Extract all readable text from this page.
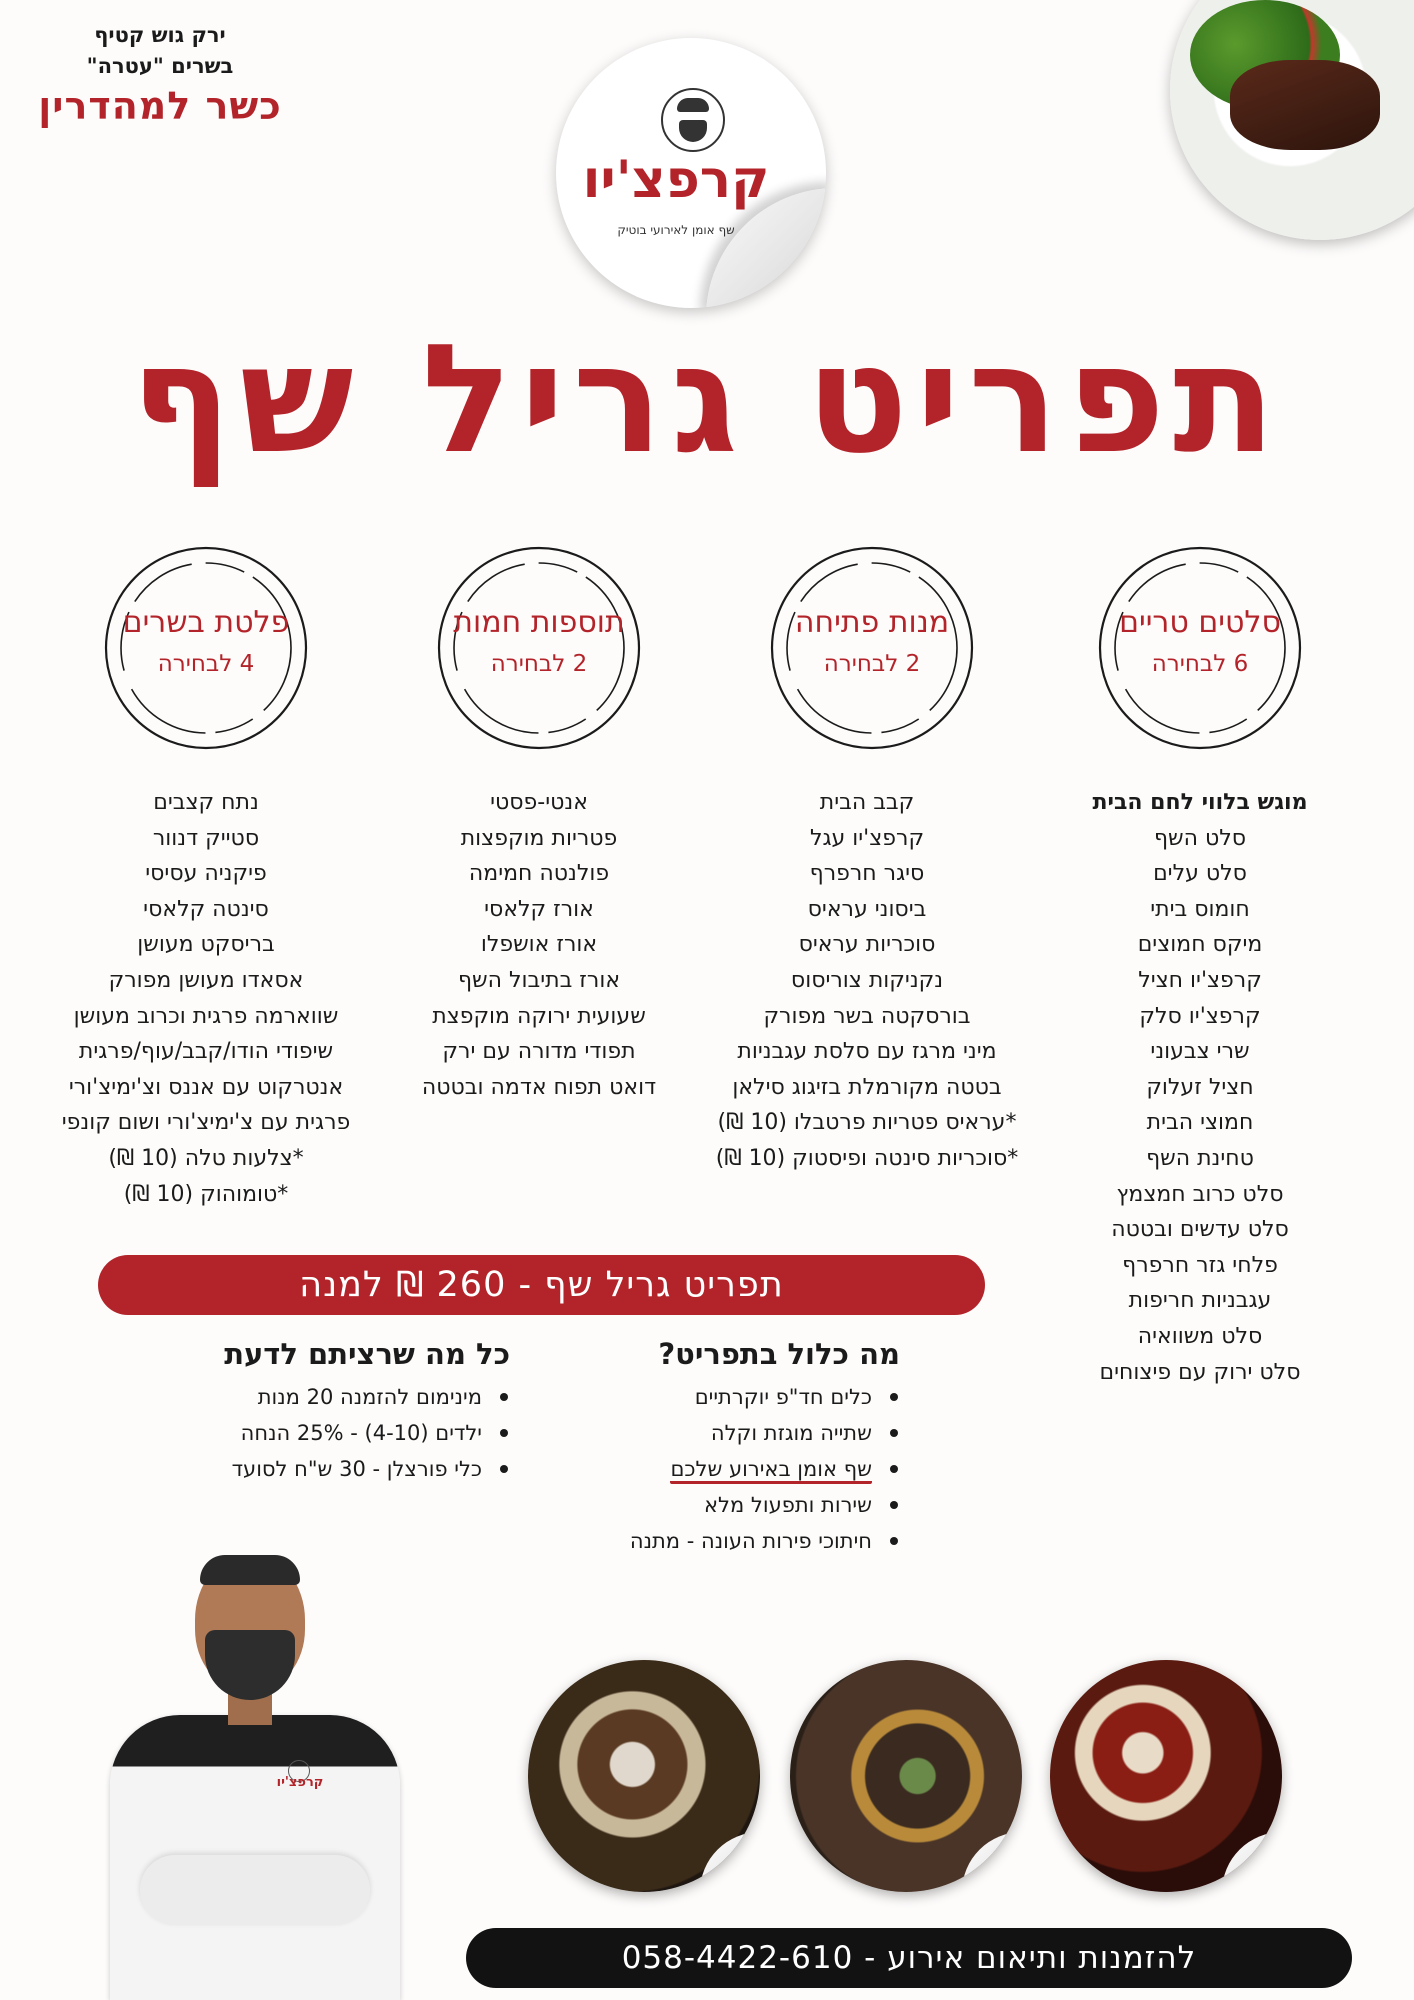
ירק גוש קטיף
בשרים "עטרה"
כשר למהדרין
קרפצ'יו
שף אומן לאירועי בוטיק
תפריט גריל שף
סלטים טריים
6 לבחירה
מנות פתיחה
2 לבחירה
תוספות חמות
2 לבחירה
פלטת בשרים
4 לבחירה
מוגש בלווי לחם הבית
סלט השף
סלט עלים
חומוס ביתי
מיקס חמוצים
קרפצ'יו חציל
קרפצ'יו סלק
שרי צבעוני
חציל זעלוק
חמוצי הבית
טחינת השף
סלט כרוב חמצמץ
סלט עדשים ובטטה
פלחי גזר חרפרף
עגבניות חריפות
סלט משוואיה
סלט ירוק עם פיצוחים
קבב הבית
קרפצ'יו עגל
סיגר חרפרף
ביסוני עראיס
סוכריות עראיס
נקניקות צוריסוס
בורסקטה בשר מפורק
מיני מרגז עם סלסת עגבניות
בטטה מקורמלת בזיגוג סילאן
*עראיס פטריות פרטבלו (10 ₪)
*סוכריות סינטה ופיסטוק (10 ₪)
אנטי-פסטי
פטריות מוקפצות
פולנטה חמימה
אורז קלאסי
אורז אושפלו
אורז בתיבול השף
שעועית ירוקה מוקפצת
תפודי מדורה עם ירק
דואט תפוח אדמה ובטטה
נתח קצבים
סטייק דנוור
פיקניה עסיסי
סינטה קלאסי
בריסקט מעושן
אסאדו מעושן מפורק
שווארמה פרגית וכרוב מעושן
שיפודי הודו/קבב/עוף/פרגית
אנטרקוט עם אננס וצ'ימיצ'ורי
פרגית עם צ'ימיצ'ורי ושום קונפי
*צלעות טלה (10 ₪)
*טומוהוק (10 ₪)
תפריט גריל שף - 260 ₪ למנה
מה כלול בתפריט?
כלים חד"פ יוקרתיים
שתייה מוגזת וקלה
שף אומן באירוע שלכם
שירות ותפעול מלא
חיתוכי פירות העונה - מתנה
כל מה שרציתם לדעת
מינימום להזמנה 20 מנות
ילדים (4-10) - 25% הנחה
כלי פורצלן - 30 ש"ח לסועד
קרפצ'יו
להזמנות ותיאום אירוע - 058-4422-610
